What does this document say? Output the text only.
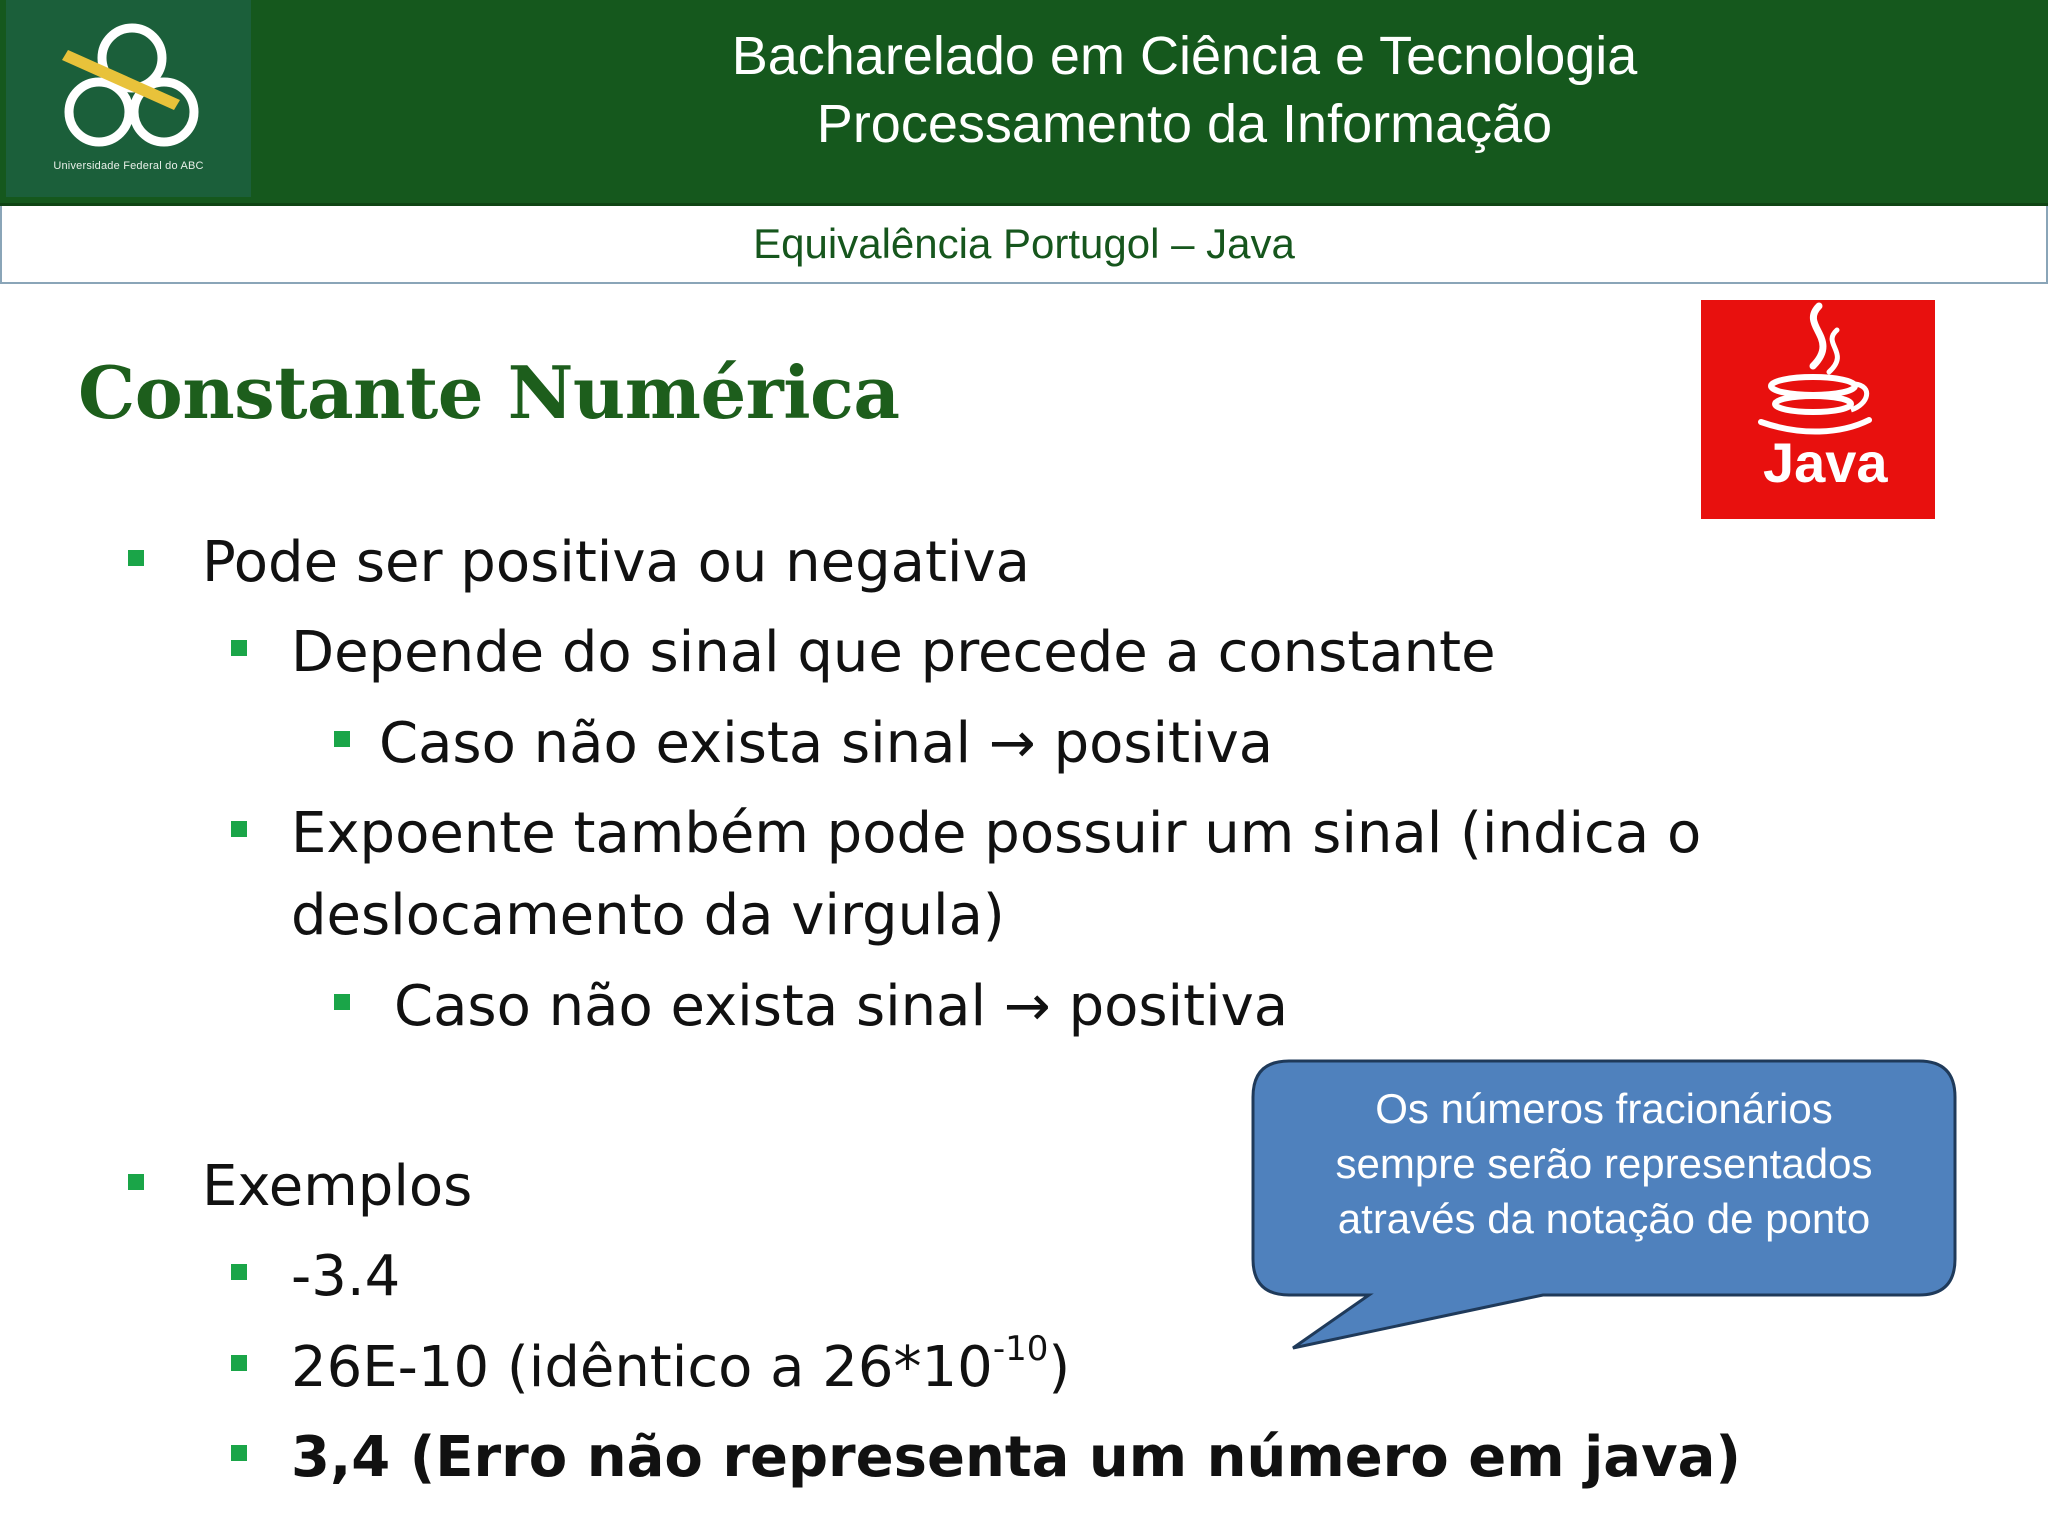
Universidade Federal do ABC
Bacharelado em Ciência e Tecnologia
Processamento da Informação
Equivalência Portugol – Java
Constante Numérica
Java
Pode ser positiva ou negativa
Depende do sinal que precede a constante
Caso não exista sinal → positiva
Expoente também pode possuir um sinal (indica o
deslocamento da virgula)
Caso não exista sinal → positiva
Exemplos
-3.4
26E-10 (idêntico a $26*10^{-10}$)
3,4 (Erro não representa um número em java)
Os números fracionários
sempre serão representados
através da notação de ponto
